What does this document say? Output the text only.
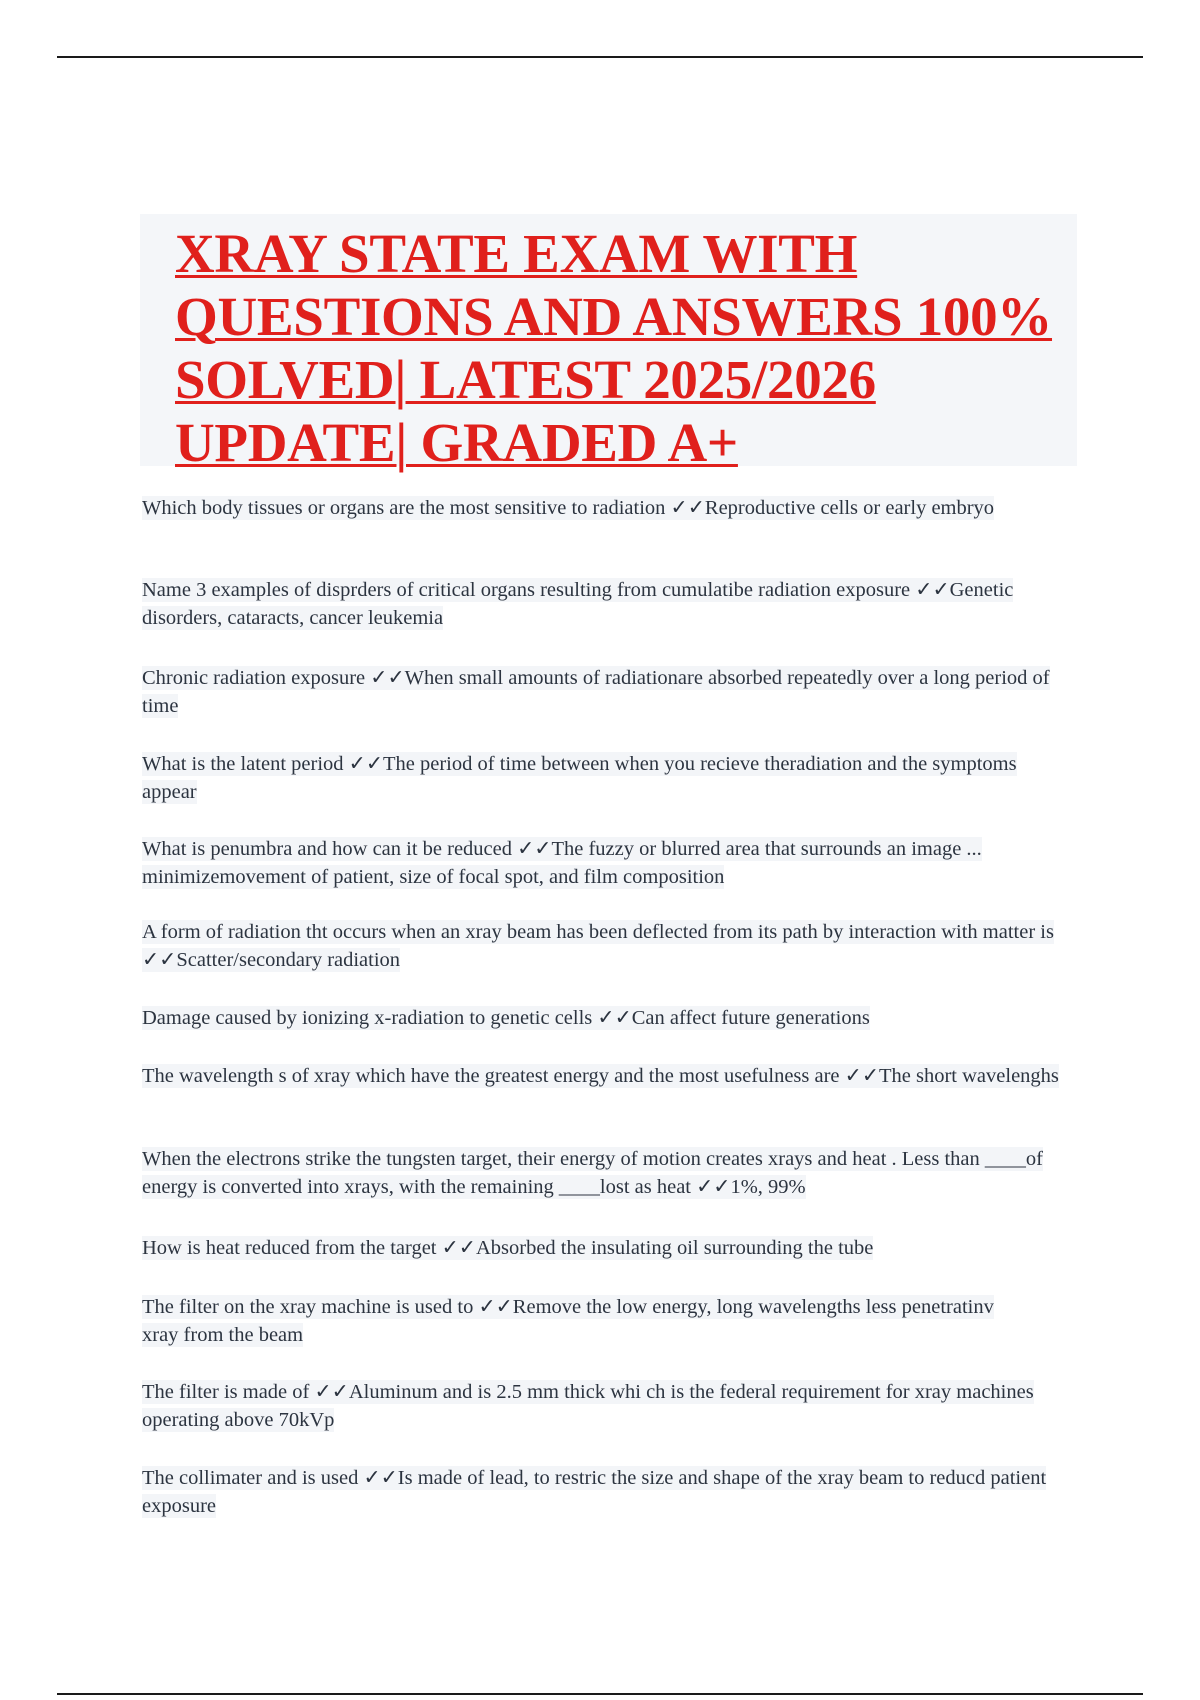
XRAY STATE EXAM WITH
QUESTIONS AND ANSWERS 100%
SOLVED| LATEST 2025/2026
UPDATE| GRADED A+
Which body tissues or organs are the most sensitive to radiation ✓✓Reproductive cells or early embryo
Name 3 examples of disprders of critical organs resulting from cumulatibe radiation exposure ✓✓Genetic disorders, cataracts, cancer leukemia
Chronic radiation exposure ✓✓When small amounts of radiationare absorbed repeatedly over a long period of time
What is the latent period ✓✓The period of time between when you recieve theradiation and the symptoms appear
What is penumbra and how can it be reduced ✓✓The fuzzy or blurred area that surrounds an image ... minimizemovement of patient, size of focal spot, and film composition
A form of radiation tht occurs when an xray beam has been deflected from its path by interaction with matter is ✓✓Scatter/secondary radiation
Damage caused by ionizing x-radiation to genetic cells ✓✓Can affect future generations
The wavelength s of xray which have the greatest energy and the most usefulness are ✓✓The short wavelenghs
When the electrons strike the tungsten target, their energy of motion creates xrays and heat . Less than ____of energy is converted into xrays, with the remaining ____lost as heat ✓✓1%, 99%
How is heat reduced from the target ✓✓Absorbed the insulating oil surrounding the tube
The filter on the xray machine is used to ✓✓Remove the low energy, long wavelengths less penetratinv xray from the beam
The filter is made of ✓✓Aluminum and is 2.5 mm thick whi ch is the federal requirement for xray machines operating above 70kVp
The collimater and is used ✓✓Is made of lead, to restric the size and shape of the xray beam to reducd patient exposure
